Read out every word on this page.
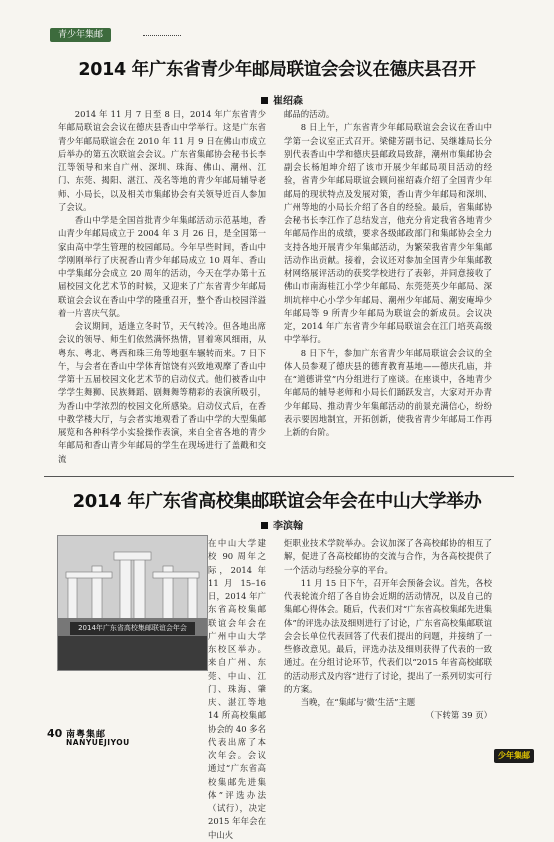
青少年集邮
2014 年广东省青少年邮局联谊会会议在德庆县召开
崔绍森

2014 年 11 月 7 日至 8 日，2014 年广东省青少年邮局联谊会会议在德庆县香山中学举行。这是广东省青少年邮局联谊会在 2010 年 11 月 9 日在佛山市成立后举办的第五次联谊会会议。广东省集邮协会秘书长李江等领导和来自广州、深圳、珠海、佛山、潮州、江门、东莞、揭阳、湛江、茂名等地的青少年邮局辅导老师、小局长，以及相关市集邮协会有关领导近百人参加了会议。

香山中学是全国首批青少年集邮活动示范基地，香山青少年邮局成立于 2004 年 3 月 26 日，是全国第一家由高中学生管理的校园邮局。今年早些时间，香山中学刚刚举行了庆祝香山青少年邮局成立 10 周年、香山中学集邮分会成立 20 周年的活动，今天在学办第十五届校园文化艺术节的时候，又迎来了广东省青少年邮局联谊会会议在香山中学的隆重召开，整个香山校园洋溢着一片喜庆气氛。

会议期间，适逢立冬时节，天气转冷。但各地出席会议的领导、师生们依然满怀热情，冒着寒风细雨，从粤东、粤北、粤西和珠三角等地驱车辗转而来。7 日下午，与会者在香山中学体育馆饶有兴致地观摩了香山中学第十五届校园文化艺术节的启动仪式。他们被香山中学学生舞狮、民族舞蹈、剧舞舞等精彩的表演所吸引，为香山中学浓烈的校园文化所感染。启动仪式后，在香中教学楼大厅，与会者实地观看了香山中学的大型集邮展览和各种科学小实验操作表演，来自全省各地的青少年邮局和香山青少年邮局的学生在现场进行了盖戳和交流

邮品的活动。

8 日上午，广东省青少年邮局联谊会会议在香山中学第一会议室正式召开。梁健芳副书记、吴继雄局长分别代表香山中学和德庆县邮政局致辞，潮州市集邮协会副会长杨旭坤介绍了该市开展少年邮局项目活动的经验，省青少年邮局联谊会顾问崔绍森介绍了全国青少年邮局的现状特点及发展对策，香山青少年邮局和深圳、广州等地的小局长介绍了各自的经验。最后，省集邮协会秘书长李江作了总结发言，他充分肯定我省各地青少年邮局作出的成绩，要求各级邮政部门和集邮协会全力支持各地开展青少年集邮活动，为繁荣我省青少年集邮活动作出贡献。接着，会议还对参加全国青少年集邮教材网络展评活动的获奖学校进行了表彰，并同意接收了佛山市南海桂江小学少年邮局、东莞莞英少年邮局、深圳坑梓中心小学少年邮局、潮州少年邮局、潮安庵埠少年邮局等 9 所青少年邮局为联谊会的新成员。会议决定，2014 年广东省青少年邮局联谊会在江门培英高级中学举行。

8 日下午，参加广东省青少年邮局联谊会会议的全体人员参观了德庆县的德育教育基地——德庆孔庙，并在“道德讲堂”内分组进行了座谈。在座谈中，各地青少年邮局的辅导老师和小局长们踊跃发言，大家对开办青少年邮局、推动青少年集邮活动的前景充满信心，纷纷表示要因地制宜，开拓创新，使我省青少年邮局工作再上新的台阶。

2014 年广东省高校集邮联谊会年会在中山大学举办
李滨翰
2014年广东省高校集邮联谊会年会

在中山大学建校 90 周年之际，2014 年 11 月 15–16 日，2014 年广东省高校集邮联谊会年会在广州中山大学东校区举办。来自广州、东莞、中山、江门、珠海、肇庆、湛江等地 14 所高校集邮协会的 40 多名代表出席了本次年会。会议通过“广东省高校集邮先进集体”评选办法（试行），决定 2015 年年会在中山火

炬职业技术学院举办。会议加深了各高校邮协的相互了解，促进了各高校邮协的交流与合作，为各高校提供了一个活动与经验分享的平台。

11 月 15 日下午，召开年会预备会议。首先，各校代表轮流介绍了各自协会近期的活动情况，以及自己的集邮心得体会。随后，代表们对“广东省高校集邮先进集体”的评选办法及细则进行了讨论，广东省高校集邮联谊会会长单位代表回答了代表们提出的问题，并接纳了一些修改意见。最后，评选办法及细则获得了代表的一致通过。在分组讨论环节，代表们以“2015 年省高校邮联的活动形式及内容”进行了讨论，提出了一系列切实可行的方案。

当晚，在“集邮与‘微’生活”主题
（下转第 39 页）

40 南粤集邮
NANYUEJIYOU
少年集邮
